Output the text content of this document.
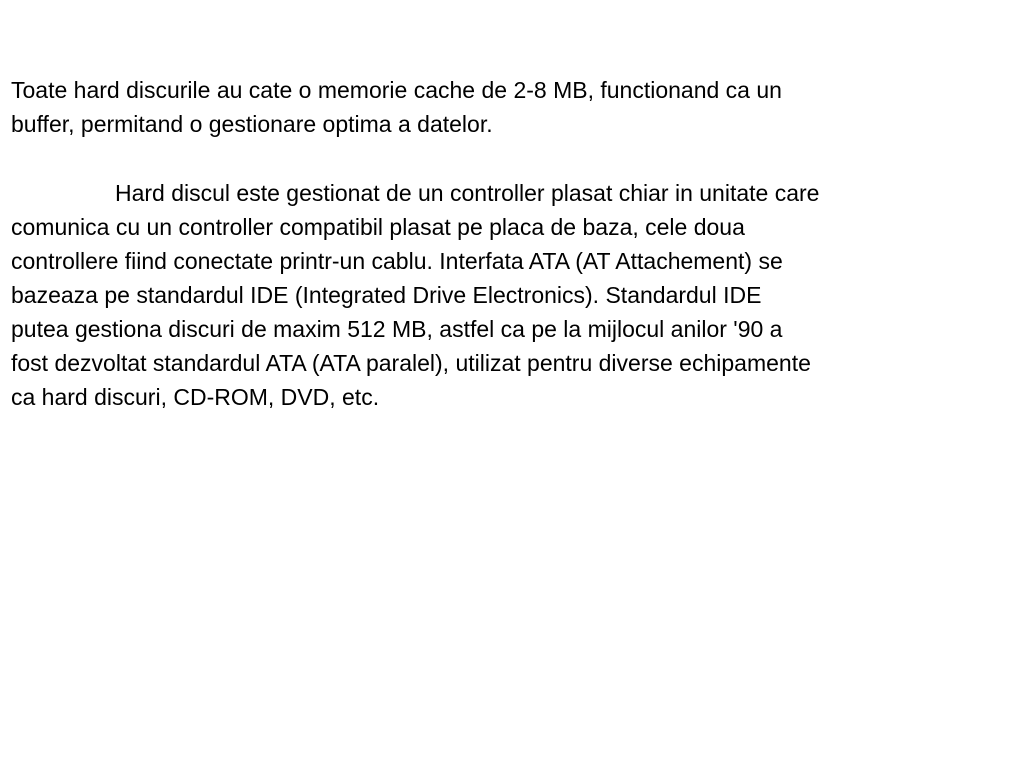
Toate hard discurile au cate o memorie cache de 2-8 MB, functionand ca un
buffer, permitand o gestionare optima a datelor.
Hard discul este gestionat de un controller plasat chiar in unitate care
comunica cu un controller compatibil plasat pe placa de baza, cele doua
controllere fiind conectate printr-un cablu. Interfata ATA (AT Attachement) se
bazeaza pe standardul IDE (Integrated Drive Electronics). Standardul IDE
putea gestiona discuri de maxim 512 MB, astfel ca pe la mijlocul anilor '90 a
fost dezvoltat standardul ATA (ATA paralel), utilizat pentru diverse echipamente
ca hard discuri, CD-ROM, DVD, etc.
